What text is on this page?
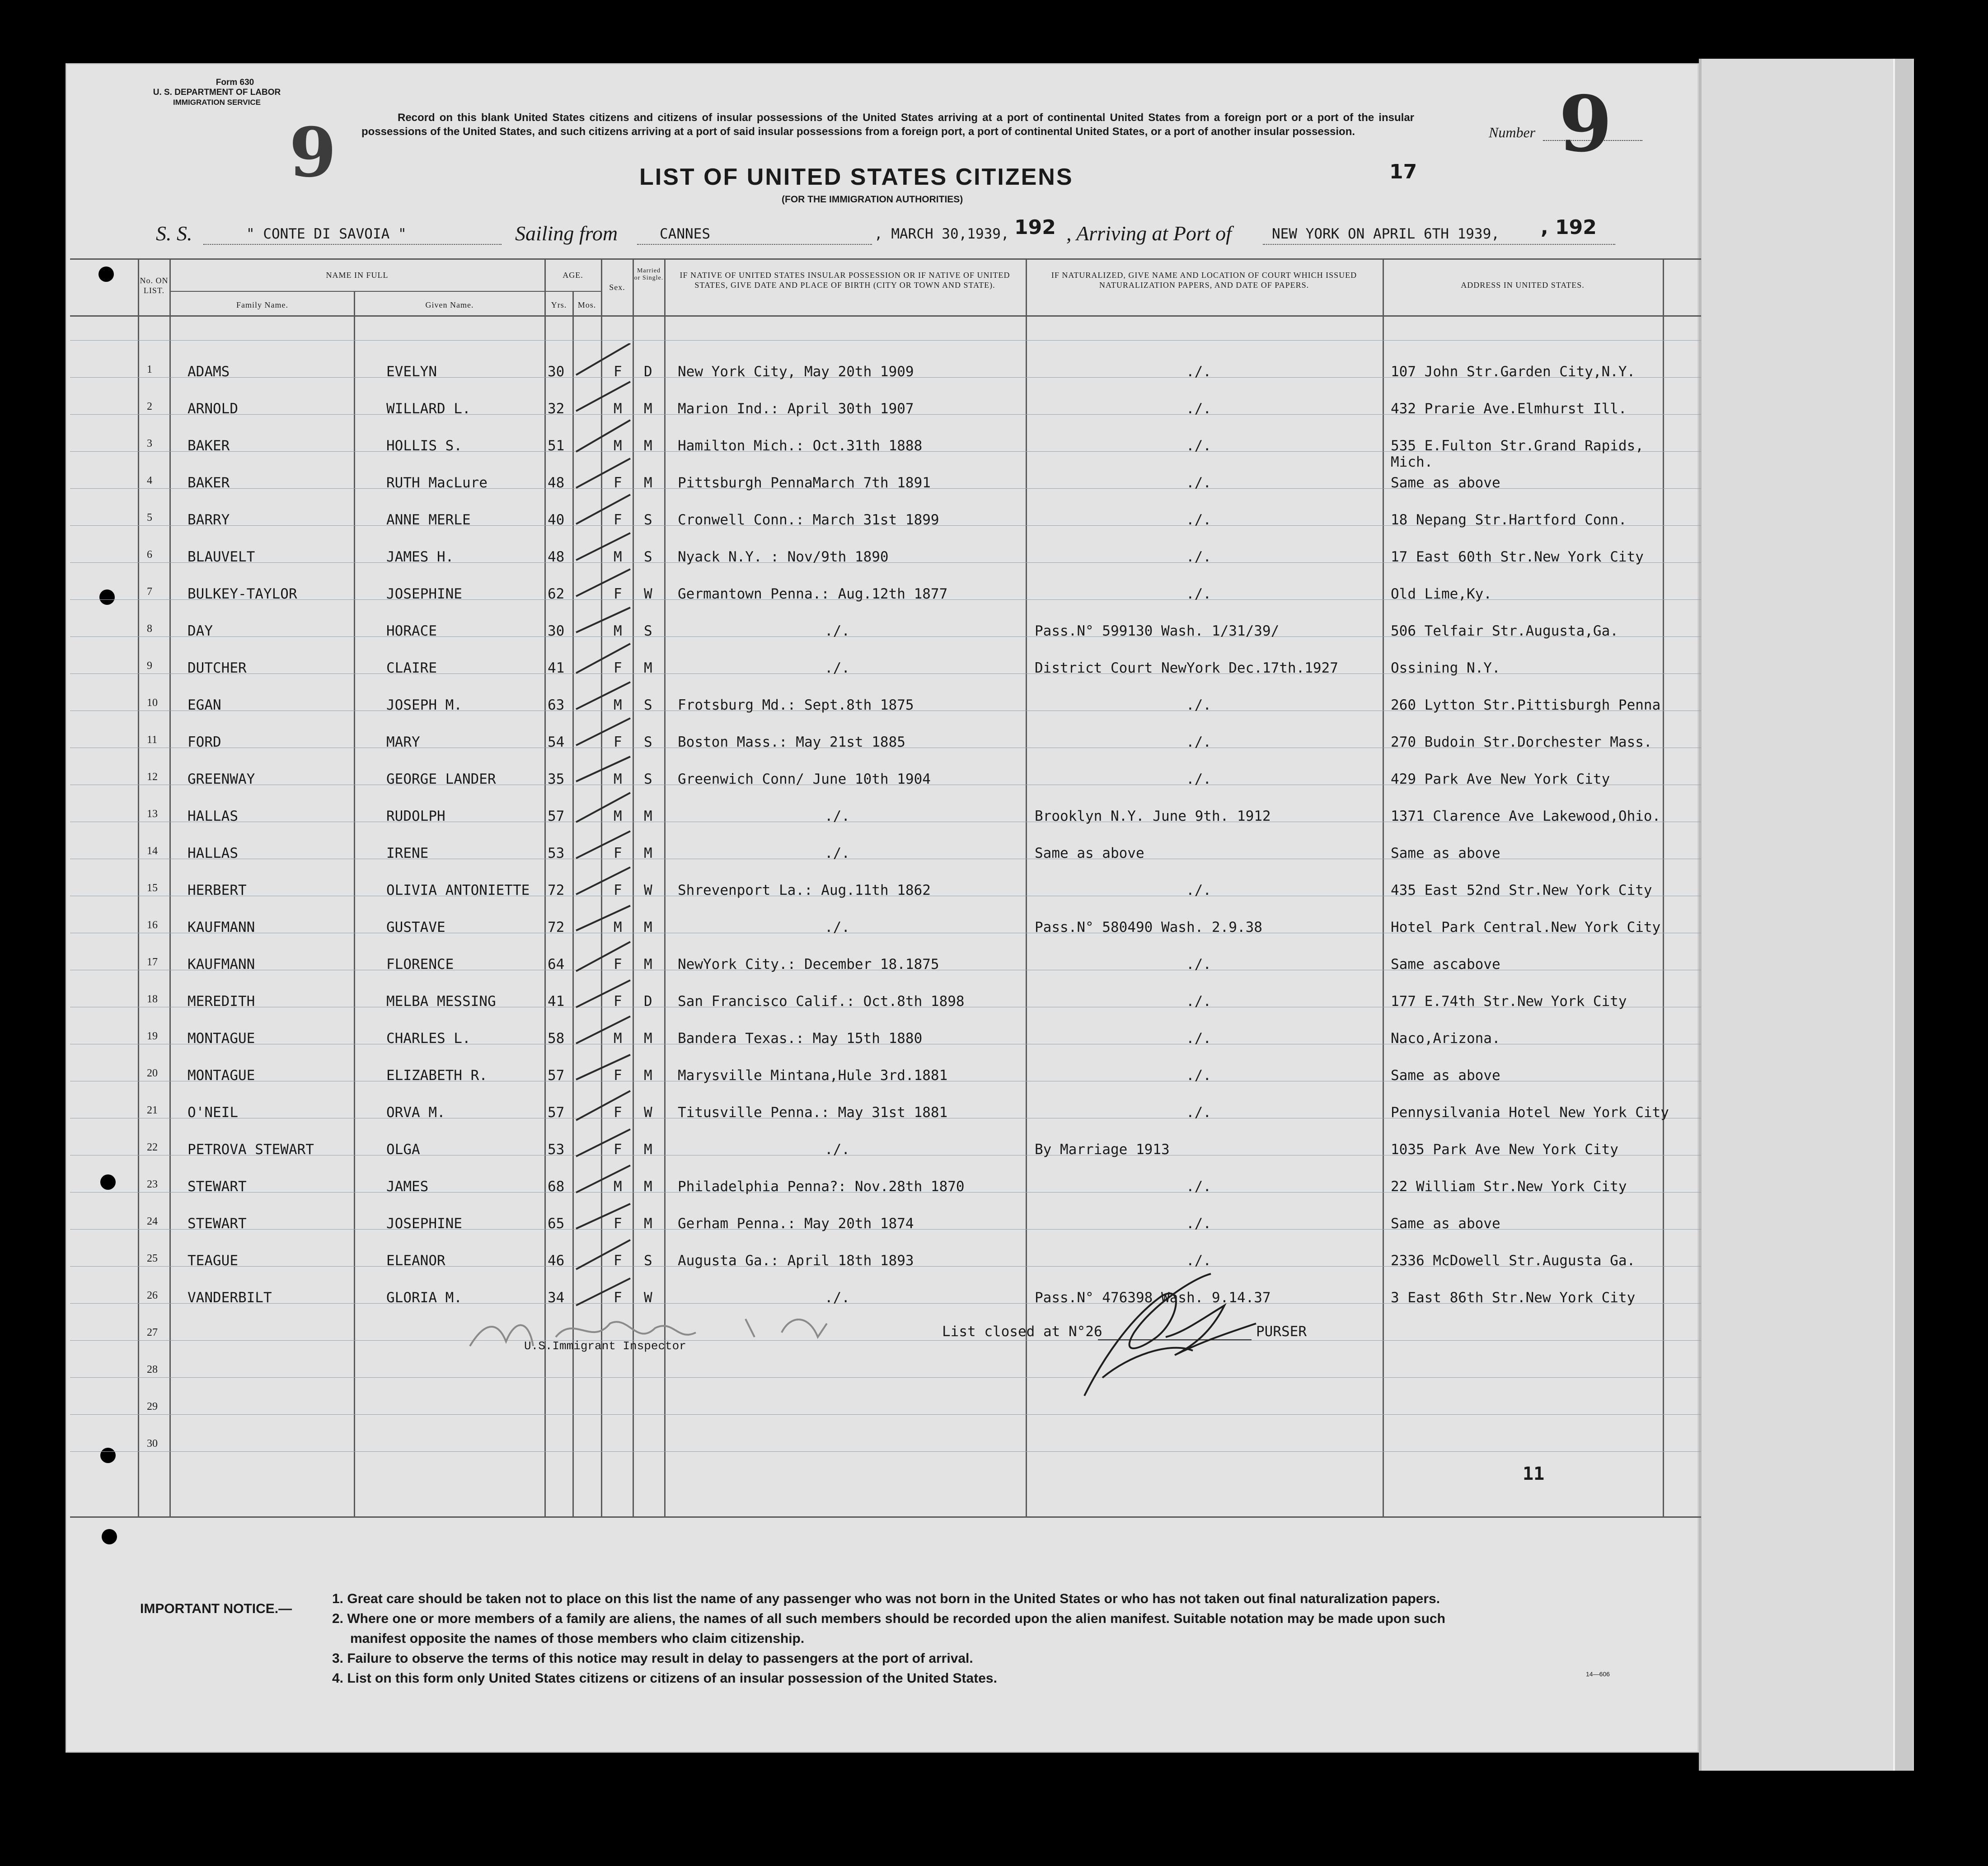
Form 630
U. S. DEPARTMENT OF LABOR
IMMIGRATION SERVICE
9	Record on this blank United States citizens and citizens of insular possessions of the United States arriving at a port of continental United States from a foreign port or a port of the insular possessions of the United States, and such citizens arriving at a port of said insular possessions from a foreign port, a port of continental United States, or a port of another insular possession.	Number 9
LIST OF UNITED STATES CITIZENS
(FOR THE IMMIGRATION AUTHORITIES)
17
S. S.	" CONTE DI SAVOIA "	Sailing from	CANNES	, MARCH 30,1939, 192 , Arriving at Port of	NEW YORK ON APRIL 6TH 1939, , 192
No. ON LIST.
NAME IN FULL
Family Name.	Given Name.
AGE.
Yrs.	Mos.
Sex.
Married or Single.	IF NATIVE OF UNITED STATES INSULAR POSSESSION OR IF NATIVE OF UNITED STATES, GIVE DATE AND PLACE OF BIRTH (CITY OR TOWN AND STATE).
IF NATURALIZED, GIVE NAME AND LOCATION OF COURT WHICH ISSUED NATURALIZATION PAPERS, AND DATE OF PAPERS.	ADDRESS IN UNITED STATES.
1	ADAMS	EVELYN	30	F D New York City, May 20th 1909	./.	107 John Str.Garden City,N.Y.
2	ARNOLD	WILLARD L.	32	M M Marion Ind.: April 30th 1907	./.	432 Prarie Ave.Elmhurst Ill.
3	BAKER	HOLLIS S.	51	M M Hamilton Mich.: Oct.31th 1888	./.	535 E.Fulton Str.Grand Rapids, Mich.
4	BAKER	RUTH MacLure	48	F M Pittsburgh PennaMarch 7th 1891	./.	Same as above
5	BARRY	ANNE MERLE	40	F S Cronwell Conn.: March 31st 1899	./.	18 Nepang Str.Hartford Conn.
6	BLAUVELT	JAMES H.	48	M S Nyack N.Y. : Nov/9th 1890	./.	17 East 60th Str.New York City
7	BULKEY-TAYLOR	JOSEPHINE	62	F W Germantown Penna.: Aug.12th 1877	./.	Old Lime,Ky.
8	DAY	HORACE	30	M S	./.	Pass.N° 599130 Wash. 1/31/39/	506 Telfair Str.Augusta,Ga.
9	DUTCHER	CLAIRE	41	F M	./.	District Court NewYork Dec.17th.1927	Ossining N.Y.
10 EGAN	JOSEPH M.	63	M S Frotsburg Md.: Sept.8th 1875	./.	260 Lytton Str.Pittisburgh Penna
11 FORD	MARY	54	F S Boston Mass.: May 21st 1885	./.	270 Budoin Str.Dorchester Mass.
12 GREENWAY	GEORGE LANDER	35	M S Greenwich Conn/ June 10th 1904	./.	429 Park Ave New York City
13 HALLAS	RUDOLPH	57	M M	./.	Brooklyn N.Y. June 9th. 1912	1371 Clarence Ave Lakewood,Ohio.
14 HALLAS	IRENE	53	F M	./.	Same as above	Same as above
15 HERBERT	OLIVIA ANTONIETTE 72	F W Shrevenport La.: Aug.11th 1862	./.	435 East 52nd Str.New York City
16 KAUFMANN	GUSTAVE	72	M M	./.	Pass.N° 580490 Wash. 2.9.38	Hotel Park Central.New York City
17 KAUFMANN	FLORENCE	64	F M NewYork City.: December 18.1875	./.	Same ascabove
18 MEREDITH	MELBA MESSING	41	F D San Francisco Calif.: Oct.8th 1898	./.	177 E.74th Str.New York City
19 MONTAGUE	CHARLES L.	58	M M Bandera Texas.: May 15th 1880	./.	Naco,Arizona.
20 MONTAGUE	ELIZABETH R.	57	F M Marysville Mintana,Hule 3rd.1881	./.	Same as above
21 O'NEIL	ORVA M.	57	F W Titusville Penna.: May 31st 1881	./.	Pennysilvania Hotel New York City
22 PETROVA STEWART	OLGA	53	F M	./.	By Marriage 1913	1035 Park Ave New York City
23 STEWART	JAMES	68	M M Philadelphia Penna?: Nov.28th 1870	./.	22 William Str.New York City
24 STEWART	JOSEPHINE	65	F M Gerham Penna.: May 20th 1874	./.	Same as above
25 TEAGUE	ELEANOR	46	F S Augusta Ga.: April 18th 1893	./.	2336 McDowell Str.Augusta Ga.
26 VANDERBILT	GLORIA M.	34	F W	./.	Pass.N° 476398 Wash. 9.14.37	3 East 86th Str.New York City
27
28
29
30
List closed at N°26	PURSER
U.S.Immigrant Inspector
11
IMPORTANT NOTICE.—
1. Great care should be taken not to place on this list the name of any passenger who was not born in the United States or who has not taken out final naturalization papers.
2. Where one or more members of a family are aliens, the names of all such members should be recorded upon the alien manifest. Suitable notation may be made upon such
manifest opposite the names of those members who claim citizenship.
3. Failure to observe the terms of this notice may result in delay to passengers at the port of arrival.
4. List on this form only United States citizens or citizens of an insular possession of the United States.	14—606
